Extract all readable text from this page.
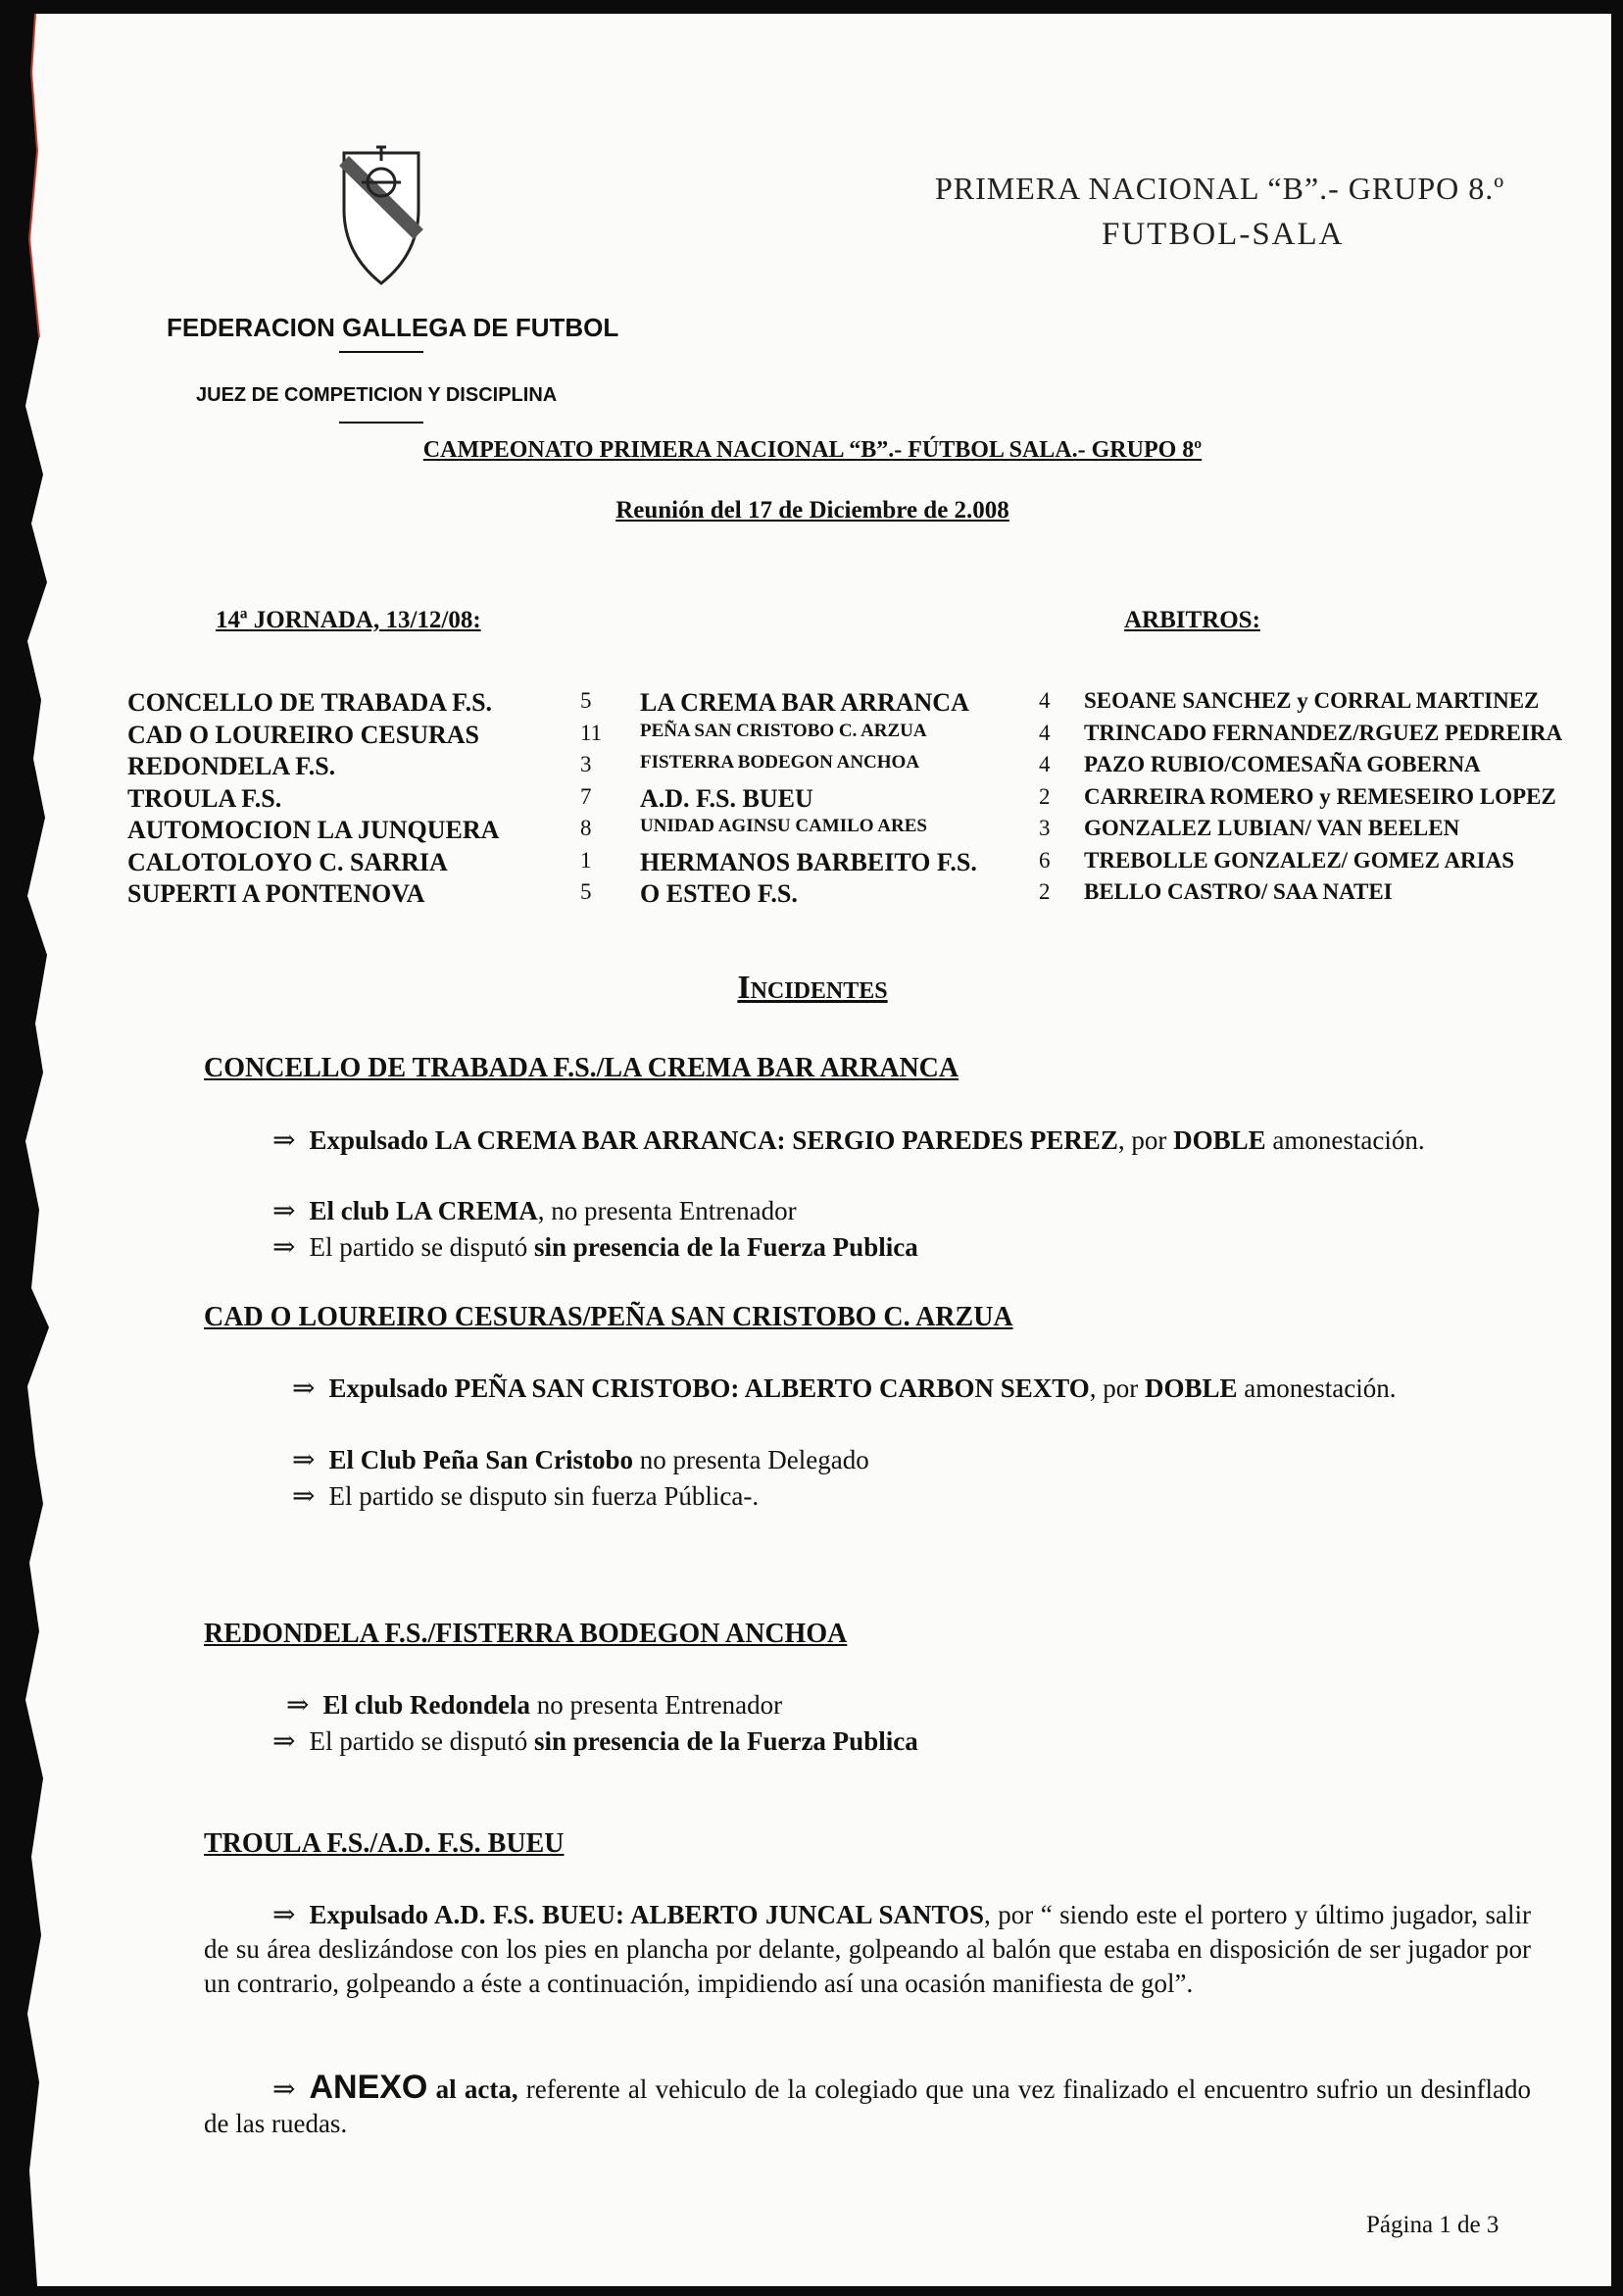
PRIMERA NACIONAL “B”.- GRUPO 8.º
FUTBOL-SALA
FEDERACION GALLEGA DE FUTBOL
JUEZ DE COMPETICION Y DISCIPLINA
CAMPEONATO PRIMERA NACIONAL “B”.- FÚTBOL SALA.- GRUPO 8º
Reunión del 17 de Diciembre de 2.008
14ª JORNADA, 13/12/08:	ARBITROS:
CONCELLO DE TRABADA F.S.	5 LA CREMA BAR ARRANCA	4 SEOANE SANCHEZ y CORRAL MARTINEZ
CAD O LOUREIRO CESURAS	11 PEÑA SAN CRISTOBO C. ARZUA	4 TRINCADO FERNANDEZ/RGUEZ PEDREIRA
REDONDELA F.S.	3	FISTERRA BODEGON ANCHOA	4 PAZO RUBIO/COMESAÑA GOBERNA
TROULA F.S.	7 A.D. F.S. BUEU	2 CARREIRA ROMERO y REMESEIRO LOPEZ
AUTOMOCION LA JUNQUERA	8	UNIDAD AGINSU CAMILO ARES	3 GONZALEZ LUBIAN/ VAN BEELEN
CALOTOLOYO C. SARRIA	1 HERMANOS BARBEITO F.S.	6 TREBOLLE GONZALEZ/ GOMEZ ARIAS
SUPERTI A PONTENOVA	5 O ESTEO F.S.	2 BELLO CASTRO/ SAA NATEI
Incidentes
CONCELLO DE TRABADA F.S./LA CREMA BAR ARRANCA
⇒ Expulsado LA CREMA BAR ARRANCA: SERGIO PAREDES PEREZ, por DOBLE amonestación.
⇒ El club LA CREMA, no presenta Entrenador
⇒ El partido se disputó sin presencia de la Fuerza Publica
CAD O LOUREIRO CESURAS/PEÑA SAN CRISTOBO C. ARZUA
⇒ Expulsado PEÑA SAN CRISTOBO: ALBERTO CARBON SEXTO, por DOBLE amonestación.
⇒ El Club Peña San Cristobo no presenta Delegado
⇒ El partido se disputo sin fuerza Pública-.
REDONDELA F.S./FISTERRA BODEGON ANCHOA
⇒ El club Redondela no presenta Entrenador
⇒ El partido se disputó sin presencia de la Fuerza Publica
TROULA F.S./A.D. F.S. BUEU
⇒ Expulsado A.D. F.S. BUEU: ALBERTO JUNCAL SANTOS, por “ siendo este el portero y último jugador, salir de su área deslizándose con los pies en plancha por delante, golpeando al balón que estaba en disposición de ser jugador por un contrario, golpeando a éste a continuación, impidiendo así una ocasión manifiesta de gol”.
⇒ ANEXO al acta, referente al vehiculo de la colegiado que una vez finalizado el encuentro sufrio un desinflado de las ruedas.
Página 1 de 3
